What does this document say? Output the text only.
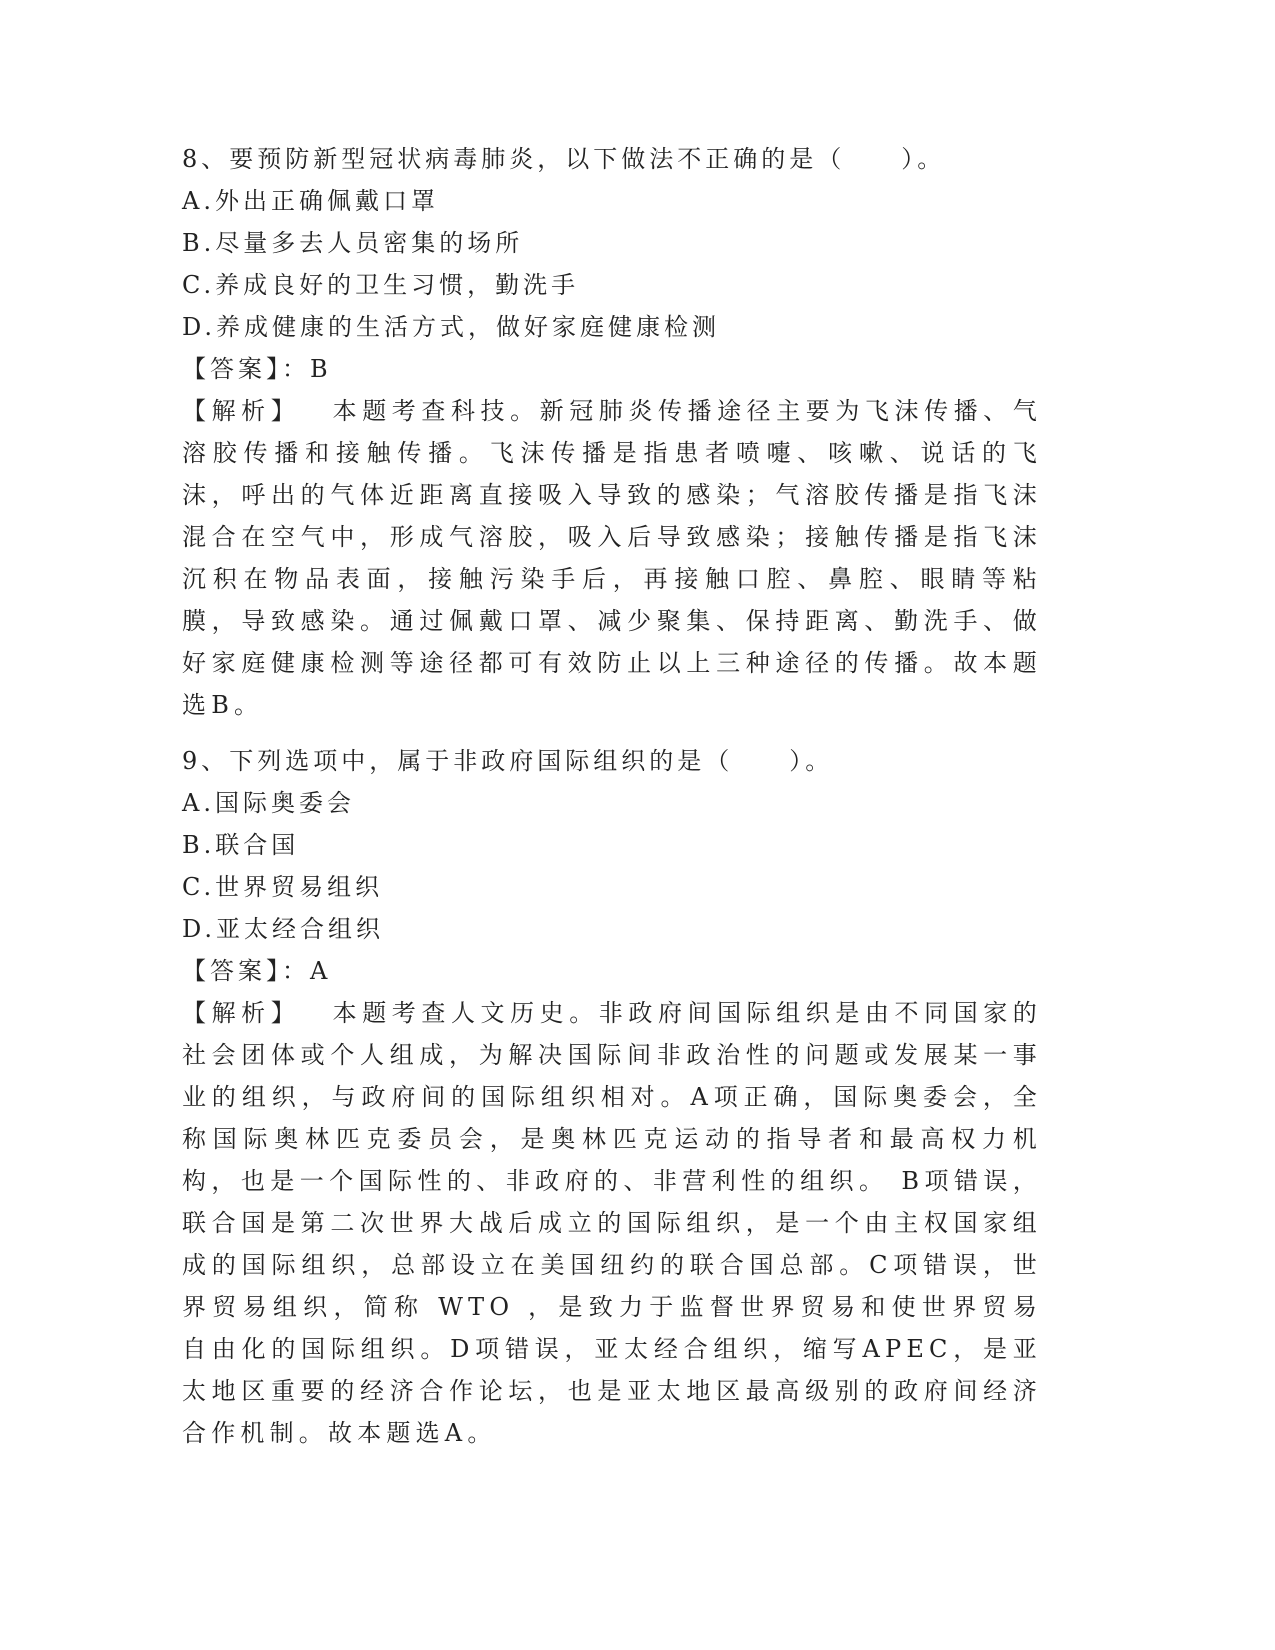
8、要预防新型冠状病毒肺炎，以下做法不正确的是（　　）。
A.外出正确佩戴口罩
B.尽量多去人员密集的场所
C.养成良好的卫生习惯，勤洗手
D.养成健康的生活方式，做好家庭健康检测
【答案】：B
【解析】 本题考查科技。新冠肺炎传播途径主要为飞沫传播、气溶胶传播和接触传播。飞沫传播是指患者喷嚏、咳嗽、说话的飞沫，呼出的气体近距离直接吸入导致的感染；气溶胶传播是指飞沫混合在空气中，形成气溶胶，吸入后导致感染；接触传播是指飞沫沉积在物品表面，接触污染手后，再接触口腔、鼻腔、眼睛等粘膜，导致感染。通过佩戴口罩、减少聚集、保持距离、勤洗手、做好家庭健康检测等途径都可有效防止以上三种途径的传播。故本题选B。
9、下列选项中，属于非政府国际组织的是（　　）。
A.国际奥委会
B.联合国
C.世界贸易组织
D.亚太经合组织
【答案】：A
【解析】 本题考查人文历史。非政府间国际组织是由不同国家的社会团体或个人组成，为解决国际间非政治性的问题或发展某一事业的组织，与政府间的国际组织相对。A项正确，国际奥委会，全称国际奥林匹克委员会，是奥林匹克运动的指导者和最高权力机构，也是一个国际性的、非政府的、非营利性的组织。 B项错误，联合国是第二次世界大战后成立的国际组织，是一个由主权国家组成的国际组织，总部设立在美国纽约的联合国总部。C项错误，世界贸易组织，简称 WTO ，是致力于监督世界贸易和使世界贸易自由化的国际组织。D项错误，亚太经合组织，缩写APEC，是亚太地区重要的经济合作论坛，也是亚太地区最高级别的政府间经济合作机制。故本题选A。
